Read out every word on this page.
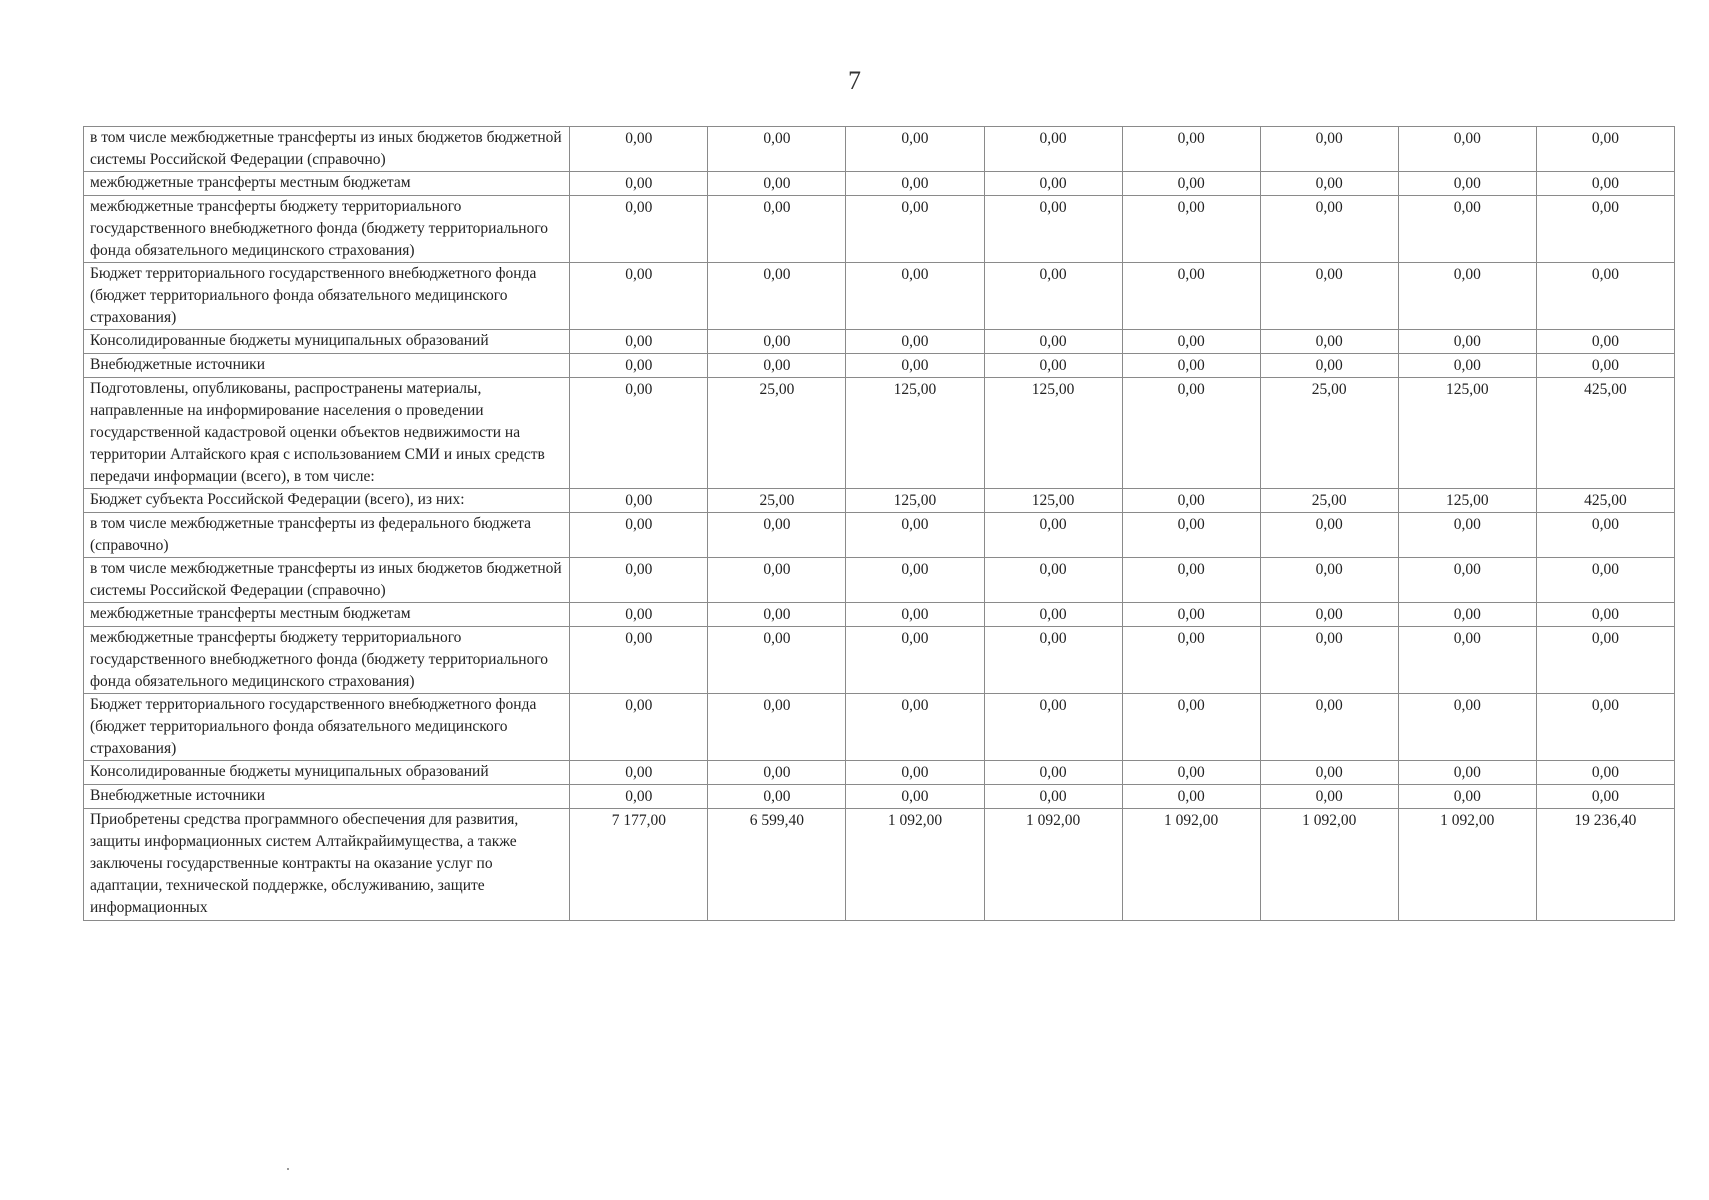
7
в том числе межбюджетные трансферты из иных бюджетов бюджетной системы Российской Федерации (справочно)	0,00	0,00	0,00	0,00	0,00	0,00	0,00	0,00
межбюджетные трансферты местным бюджетам	0,00	0,00	0,00	0,00	0,00	0,00	0,00	0,00
межбюджетные трансферты бюджету территориального государственного внебюджетного фонда (бюджету территориального фонда обязательного медицинского страхования)	0,00	0,00	0,00	0,00	0,00	0,00	0,00	0,00
Бюджет территориального государственного внебюджетного фонда (бюджет территориального фонда обязательного медицинского страхования)	0,00	0,00	0,00	0,00	0,00	0,00	0,00	0,00
Консолидированные бюджеты муниципальных образований	0,00	0,00	0,00	0,00	0,00	0,00	0,00	0,00
Внебюджетные источники	0,00	0,00	0,00	0,00	0,00	0,00	0,00	0,00
Подготовлены, опубликованы, распространены материалы, направленные на информирование населения о проведении государственной кадастровой оценки объектов недвижимости на территории Алтайского края с использованием СМИ и иных средств передачи информации (всего), в том числе:	0,00	25,00	125,00	125,00	0,00	25,00	125,00	425,00
Бюджет субъекта Российской Федерации (всего), из них:	0,00	25,00	125,00	125,00	0,00	25,00	125,00	425,00
в том числе межбюджетные трансферты из федерального бюджета (справочно)	0,00	0,00	0,00	0,00	0,00	0,00	0,00	0,00
в том числе межбюджетные трансферты из иных бюджетов бюджетной системы Российской Федерации (справочно)	0,00	0,00	0,00	0,00	0,00	0,00	0,00	0,00
межбюджетные трансферты местным бюджетам	0,00	0,00	0,00	0,00	0,00	0,00	0,00	0,00
межбюджетные трансферты бюджету территориального государственного внебюджетного фонда (бюджету территориального фонда обязательного медицинского страхования)	0,00	0,00	0,00	0,00	0,00	0,00	0,00	0,00
Бюджет территориального государственного внебюджетного фонда (бюджет территориального фонда обязательного медицинского страхования)	0,00	0,00	0,00	0,00	0,00	0,00	0,00	0,00
Консолидированные бюджеты муниципальных образований	0,00	0,00	0,00	0,00	0,00	0,00	0,00	0,00
Внебюджетные источники	0,00	0,00	0,00	0,00	0,00	0,00	0,00	0,00
Приобретены средства программного обеспечения для развития, защиты информационных систем Алтайкрайимущества, а также заключены государственные контракты на оказание услуг по адаптации, технической поддержке, обслуживанию, защите информационных	7 177,00	6 599,40	1 092,00	1 092,00	1 092,00	1 092,00	1 092,00	19 236,40
